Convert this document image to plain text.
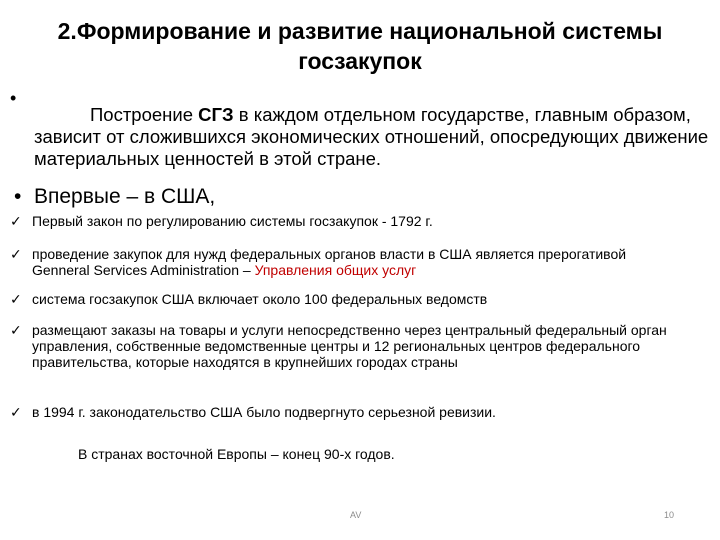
2.Формирование и развитие национальной системы госзакупок
•
Построение СГЗ в каждом отдельном государстве, главным образом, зависит от сложившихся экономических отношений, опосредующих движение материальных ценностей в этой стране.
• Впервые – в США,
✓ Первый закон по регулированию системы госзакупок - 1792 г.
✓ проведение закупок для нужд федеральных органов власти в США является прерогативой Genneral Services Administration – Управления общих услуг
✓ система госзакупок США включает около 100 федеральных ведомств
✓ размещают заказы на товары и услуги непосредственно через центральный федеральный орган управления, собственные ведомственные центры и 12 региональных центров федерального правительства, которые находятся в крупнейших городах страны
✓ в 1994 г. законодательство США было подвергнуто серьезной ревизии.
В странах восточной Европы – конец 90-х годов.
AV	10
